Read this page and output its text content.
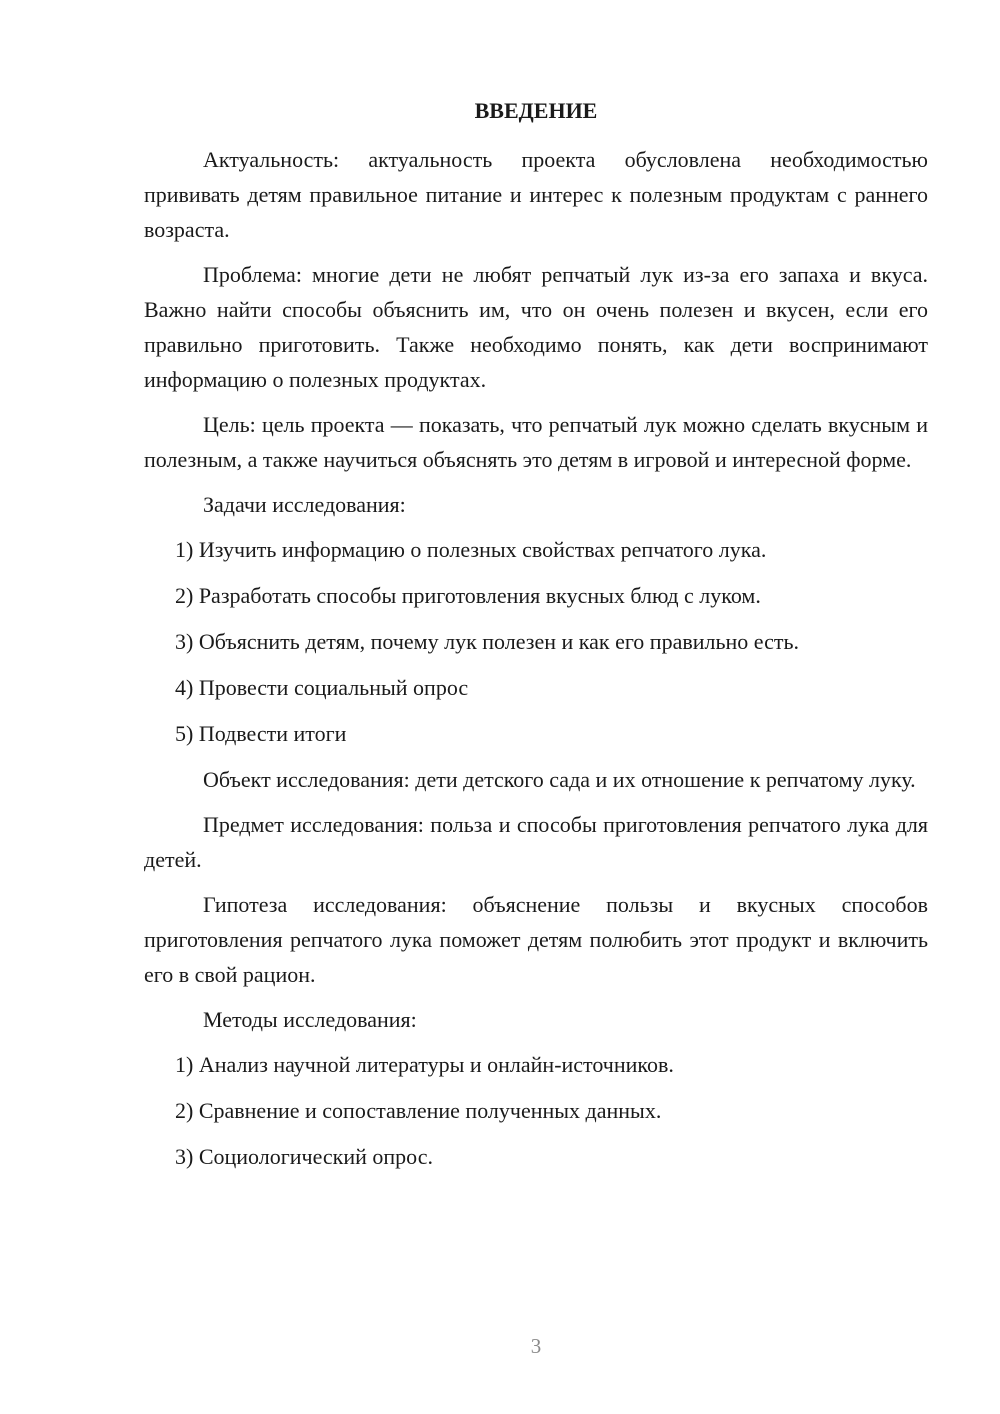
ВВЕДЕНИЕ

Актуальность: актуальность проекта обусловлена необходимостью прививать детям правильное питание и интерес к полезным продуктам с раннего возраста.

Проблема: многие дети не любят репчатый лук из-за его запаха и вкуса. Важно найти способы объяснить им, что он очень полезен и вкусен, если его правильно приготовить. Также необходимо понять, как дети воспринимают информацию о полезных продуктах.

Цель: цель проекта — показать, что репчатый лук можно сделать вкусным и полезным, а также научиться объяснять это детям в игровой и интересной форме.

Задачи исследования:

1) Изучить информацию о полезных свойствах репчатого лука.

2) Разработать способы приготовления вкусных блюд с луком.

3) Объяснить детям, почему лук полезен и как его правильно есть.

4) Провести социальный опрос

5) Подвести итоги

Объект исследования: дети детского сада и их отношение к репчатому луку.

Предмет исследования: польза и способы приготовления репчатого лука для детей.

Гипотеза исследования: объяснение пользы и вкусных способов приготовления репчатого лука поможет детям полюбить этот продукт и включить его в свой рацион.

Методы исследования:

1) Анализ научной литературы и онлайн-источников.

2) Сравнение и сопоставление полученных данных.

3) Социологический опрос.

3
